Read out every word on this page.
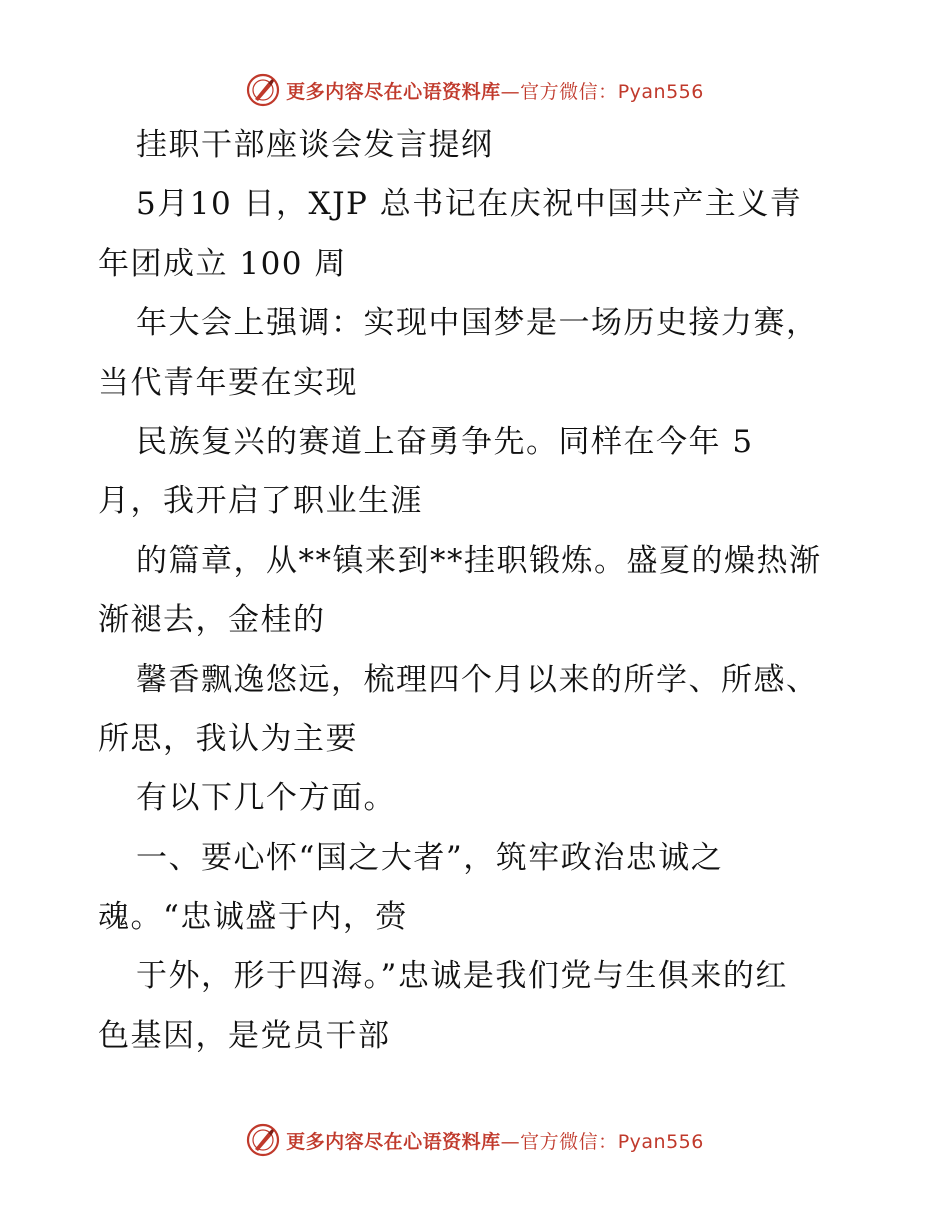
更多内容尽在心语资料库—官方微信：Pyan556
挂职干部座谈会发言提纲
5月10 日，XJP 总书记在庆祝中国共产主义青
年团成立 100 周
年大会上强调：实现中国梦是一场历史接力赛，
当代青年要在实现
民族复兴的赛道上奋勇争先。同样在今年 5
月，我开启了职业生涯
的篇章，从**镇来到**挂职锻炼。盛夏的燥热渐
渐褪去，金桂的
馨香飘逸悠远，梳理四个月以来的所学、所感、
所思，我认为主要
有以下几个方面。
一、要心怀“国之大者”，筑牢政治忠诚之
魂。“忠诚盛于内，赍
于外，形于四海。”忠诚是我们党与生俱来的红
色基因，是党员干部
更多内容尽在心语资料库—官方微信：Pyan556
